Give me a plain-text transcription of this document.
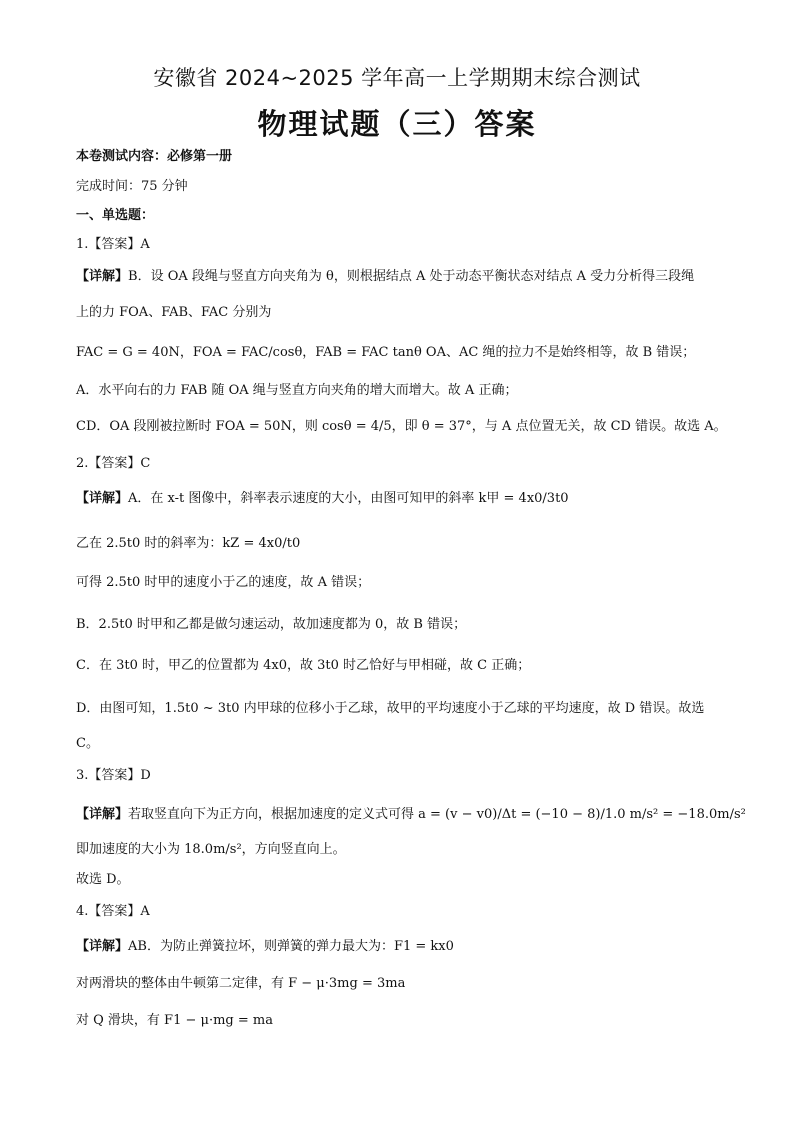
安徽省 2024~2025 学年高一上学期期末综合测试
物理试题（三）答案
本卷测试内容：必修第一册
完成时间：75 分钟
一、单选题：
1.【答案】A
【详解】B．设 OA 段绳与竖直方向夹角为 θ，则根据结点 A 处于动态平衡状态对结点 A 受力分析得三段绳
上的力 FOA、FAB、FAC 分别为
FAC = G = 40N，FOA = FAC/cosθ，FAB = FAC tanθ OA、AC 绳的拉力不是始终相等，故 B 错误；
A．水平向右的力 FAB 随 OA 绳与竖直方向夹角的增大而增大。故 A 正确；
CD．OA 段刚被拉断时 FOA = 50N，则 cosθ = 4/5，即 θ = 37°，与 A 点位置无关，故 CD 错误。故选 A。
2.【答案】C
【详解】A．在 x-t 图像中，斜率表示速度的大小，由图可知甲的斜率 k甲 = 4x0/3t0
乙在 2.5t0 时的斜率为：kZ = 4x0/t0
可得 2.5t0 时甲的速度小于乙的速度，故 A 错误；
B．2.5t0 时甲和乙都是做匀速运动，故加速度都为 0，故 B 错误；
C．在 3t0 时，甲乙的位置都为 4x0，故 3t0 时乙恰好与甲相碰，故 C 正确；
D．由图可知，1.5t0 ~ 3t0 内甲球的位移小于乙球，故甲的平均速度小于乙球的平均速度，故 D 错误。故选
C。
3.【答案】D
【详解】若取竖直向下为正方向，根据加速度的定义式可得 a = (v − v0)/Δt = (−10 − 8)/1.0 m/s² = −18.0m/s²
即加速度的大小为 18.0m/s²，方向竖直向上。
故选 D。
4.【答案】A
【详解】AB．为防止弹簧拉坏，则弹簧的弹力最大为：F1 = kx0
对两滑块的整体由牛顿第二定律，有 F − μ·3mg = 3ma
对 Q 滑块，有 F1 − μ·mg = ma
